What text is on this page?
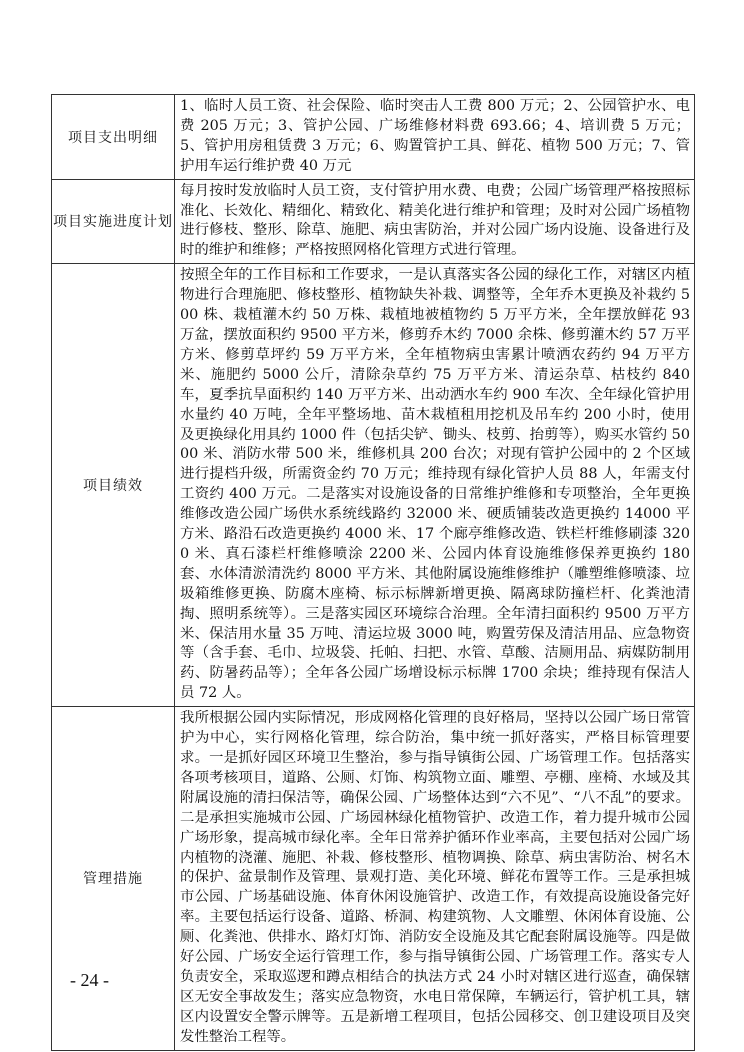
项目支出明细	1、临时人员工资、社会保险、临时突击人工费 800 万元；2、公园管护水、电费 205 万元；3、管护公园、广场维修材料费 693.66；4、培训费 5 万元；5、管护用房租赁费 3 万元；6、购置管护工具、鲜花、植物 500 万元；7、管护用车运行维护费 40 万元
项目实施进度计划	每月按时发放临时人员工资，支付管护用水费、电费；公园广场管理严格按照标准化、长效化、精细化、精致化、精美化进行维护和管理；及时对公园广场植物进行修枝、整形、除草、施肥、病虫害防治，并对公园广场内设施、设备进行及时的维护和维修；严格按照网格化管理方式进行管理。
项目绩效	按照全年的工作目标和工作要求，一是认真落实各公园的绿化工作，对辖区内植物进行合理施肥、修枝整形、植物缺失补栽、调整等，全年乔木更换及补栽约 500 株、栽植灌木约 50 万株、栽植地被植物约 5 万平方米，全年摆放鲜花 93 万盆，摆放面积约 9500 平方米，修剪乔木约 7000 余株、修剪灌木约 57 万平方米、修剪草坪约 59 万平方米，全年植物病虫害累计喷洒农药约 94 万平方米、施肥约 5000 公斤，清除杂草约 75 万平方米、清运杂草、枯枝约 840 车，夏季抗旱面积约 140 万平方米、出动洒水车约 900 车次、全年绿化管护用水量约 40 万吨，全年平整场地、苗木栽植租用挖机及吊车约 200 小时，使用及更换绿化用具约 1000 件（包括尖铲、锄头、枝剪、抬剪等），购买水管约 5000 米、消防水带 500 米，维修机具 200 台次；对现有管护公园中的 2 个区域进行提档升级，所需资金约 70 万元；维持现有绿化管护人员 88 人，年需支付工资约 400 万元。二是落实对设施设备的日常维护维修和专项整治，全年更换维修改造公园广场供水系统线路约 32000 米、硬质铺装改造更换约 14000 平方米、路沿石改造更换约 4000 米、17 个廊亭维修改造、铁栏杆维修刷漆 3200 米、真石漆栏杆维修喷涂 2200 米、公园内体育设施维修保养更换约 180 套、水体清淤清洗约 8000 平方米、其他附属设施维修维护（雕塑维修喷漆、垃圾箱维修更换、防腐木座椅、标示标牌新增更换、隔离球防撞栏杆、化粪池清掏、照明系统等）。三是落实园区环境综合治理。全年清扫面积约 9500 万平方米、保洁用水量 35 万吨、清运垃圾 3000 吨，购置劳保及清洁用品、应急物资等（含手套、毛巾、垃圾袋、托帕、扫把、水管、草酸、洁厕用品、病媒防制用药、防暑药品等）；全年各公园广场增设标示标牌 1700 余块；维持现有保洁人员 72 人。
管理措施	我所根据公园内实际情况，形成网格化管理的良好格局，坚持以公园广场日常管护为中心，实行网格化管理，综合防治，集中统一抓好落实，严格目标管理要求。一是抓好园区环境卫生整治，参与指导镇街公园、广场管理工作。包括落实各项考核项目，道路、公厕、灯饰、构筑物立面、雕塑、亭棚、座椅、水域及其附属设施的清扫保洁等，确保公园、广场整体达到“六不见”、“八不乱”的要求。二是承担实施城市公园、广场园林绿化植物管护、改造工作，着力提升城市公园广场形象，提高城市绿化率。全年日常养护循环作业率高，主要包括对公园广场内植物的浇灌、施肥、补栽、修枝整形、植物调换、除草、病虫害防治、树名木的保护、盆景制作及管理、景观打造、美化环境、鲜花布置等工作。三是承担城市公园、广场基础设施、体育休闲设施管护、改造工作，有效提高设施设备完好率。主要包括运行设备、道路、桥洞、构建筑物、人文雕塑、休闲体育设施、公厕、化粪池、供排水、路灯灯饰、消防安全设施及其它配套附属设施等。四是做好公园、广场安全运行管理工作，参与指导镇街公园、广场管理工作。落实专人负责安全，采取巡逻和蹲点相结合的执法方式 24 小时对辖区进行巡查，确保辖区无安全事故发生；落实应急物资，水电日常保障，车辆运行，管护机工具，辖区内设置安全警示牌等。五是新增工程项目，包括公园移交、创卫建设项目及突发性整治工程等。
- 24 -
